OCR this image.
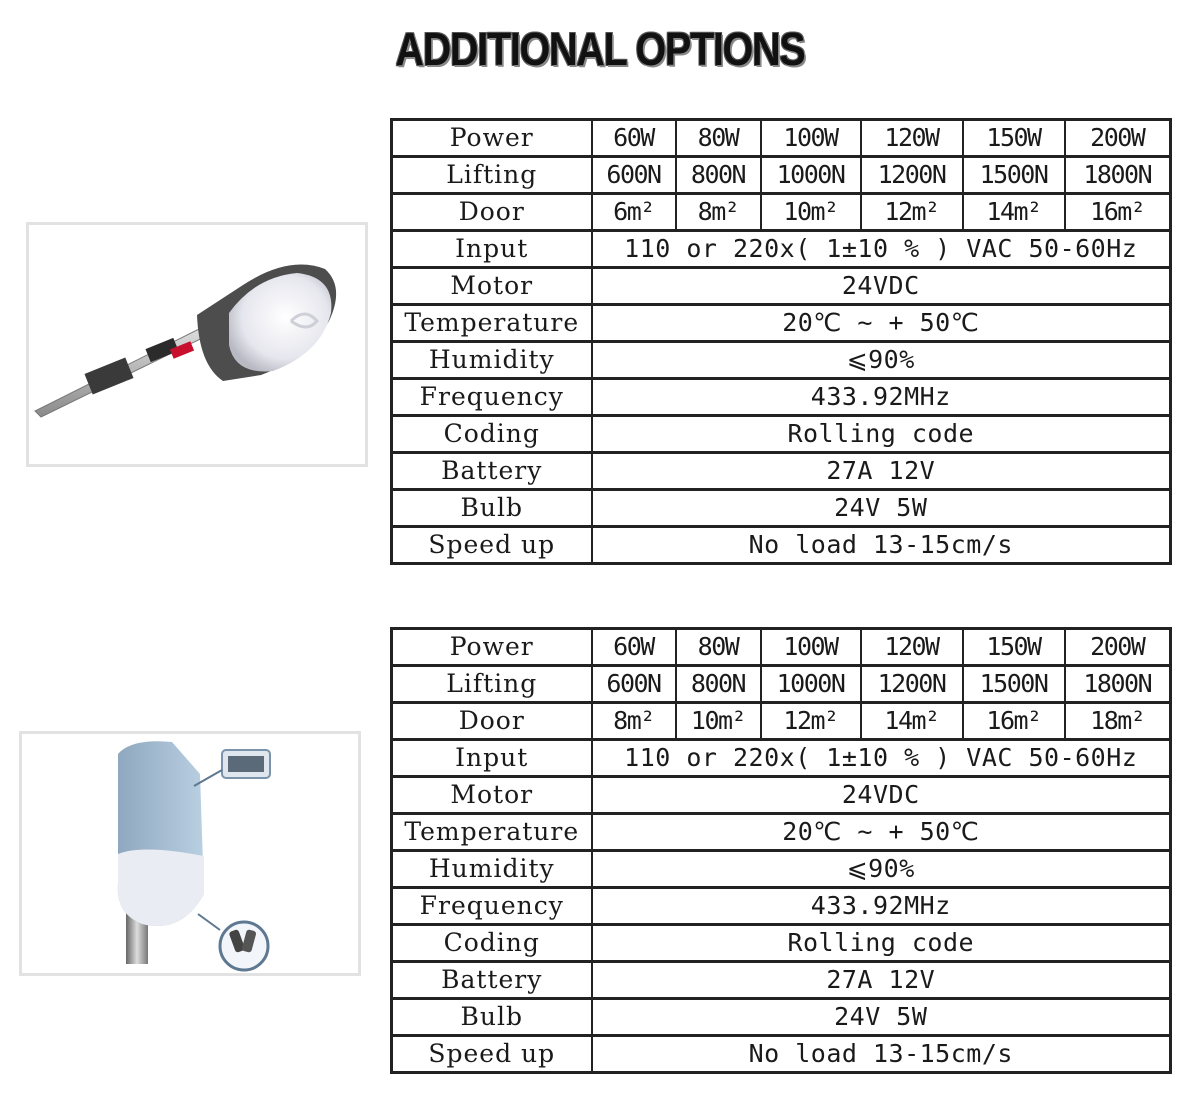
ADDITIONAL OPTIONS
Power	60W	80W	100W	120W	150W	200W
Lifting	600N	800N	1000N	1200N	1500N	1800N
Door	6m²	8m²	10m²	12m²	14m²	16m²
Input	110 or 220x( 1±10 % ) VAC 50-60Hz					
Motor	24VDC					
Temperature	20℃ ~ + 50℃					
Humidity	⩽90%					
Frequency	433.92MHz					
Coding	Rolling code					
Battery	27A 12V					
Bulb	24V 5W					
Speed up	No load 13-15cm/s					
Power	60W	80W	100W	120W	150W	200W
Lifting	600N	800N	1000N	1200N	1500N	1800N
Door	8m²	10m²	12m²	14m²	16m²	18m²
Input	110 or 220x( 1±10 % ) VAC 50-60Hz					
Motor	24VDC					
Temperature	20℃ ~ + 50℃					
Humidity	⩽90%					
Frequency	433.92MHz					
Coding	Rolling code					
Battery	27A 12V					
Bulb	24V 5W					
Speed up	No load 13-15cm/s					
